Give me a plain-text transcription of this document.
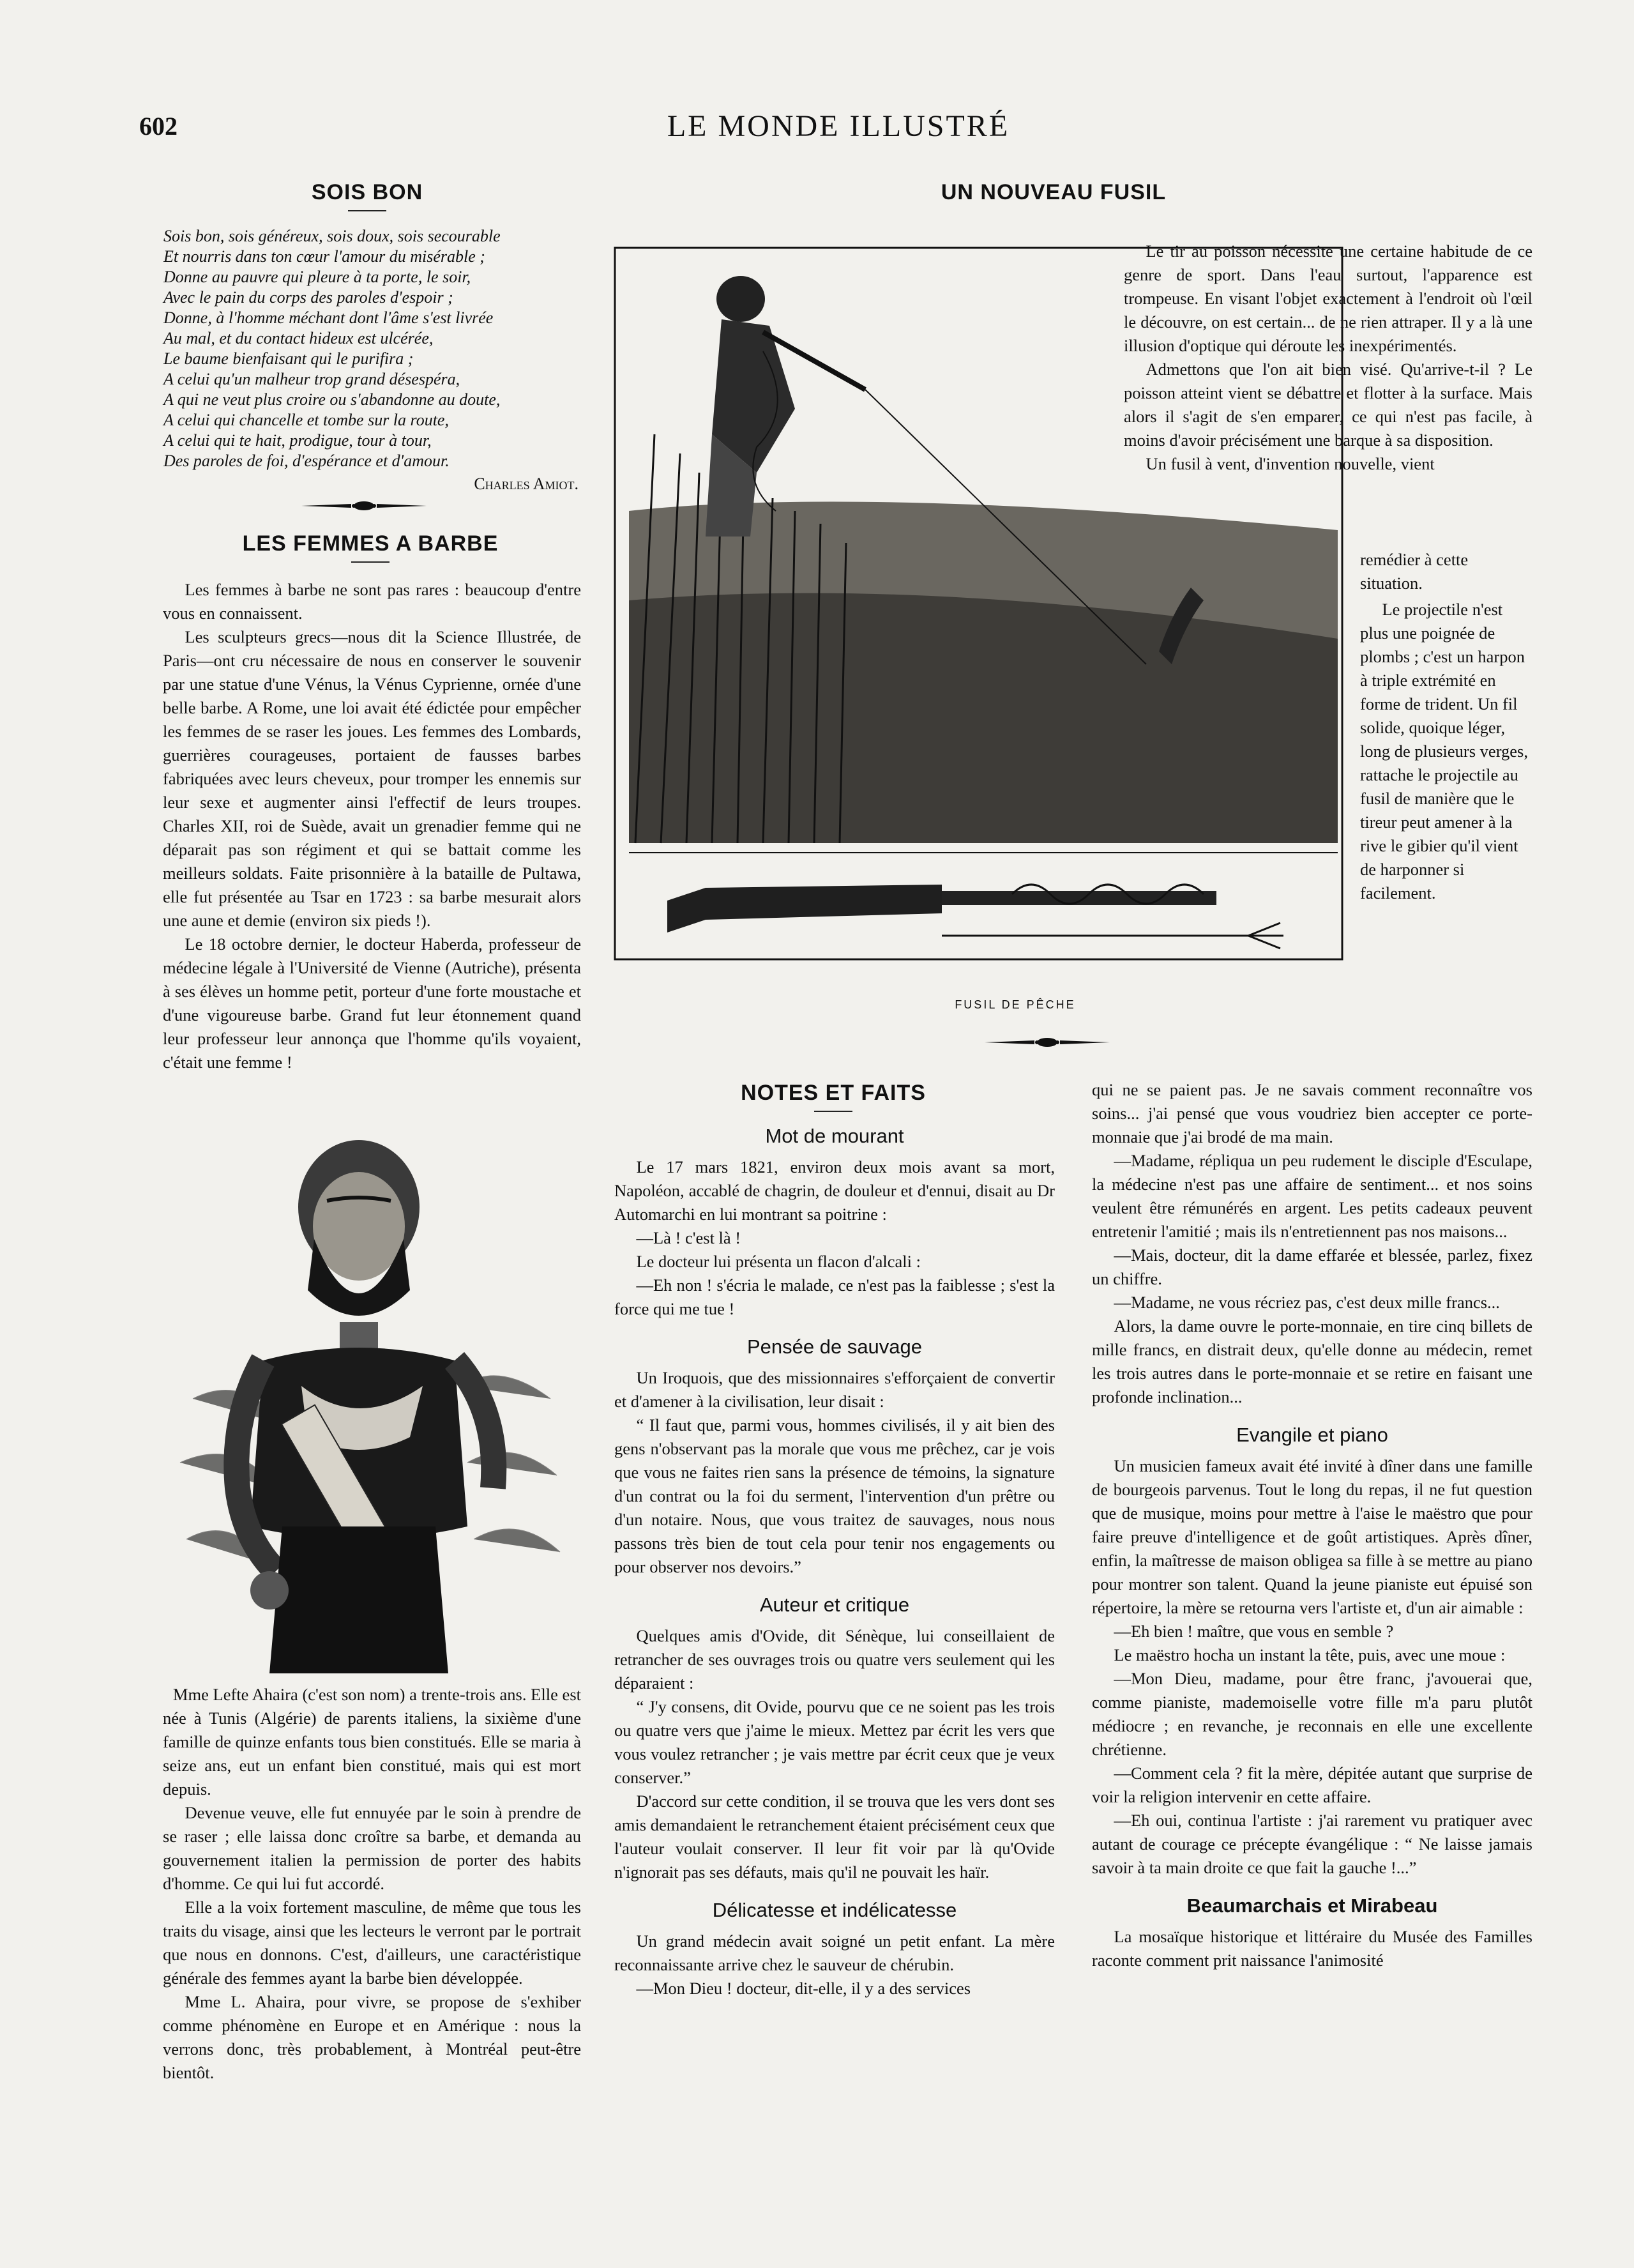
602	LE MONDE ILLUSTRÉ
SOIS BON
Sois bon, sois généreux, sois doux, sois secourable
Et nourris dans ton cœur l'amour du misérable ;
Donne au pauvre qui pleure à ta porte, le soir,
Avec le pain du corps des paroles d'espoir ;
Donne, à l'homme méchant dont l'âme s'est livrée
Au mal, et du contact hideux est ulcérée,
Le baume bienfaisant qui le purifira ;
A celui qu'un malheur trop grand désespéra,
A qui ne veut plus croire ou s'abandonne au doute,
A celui qui chancelle et tombe sur la route,
A celui qui te hait, prodigue, tour à tour,
Des paroles de foi, d'espérance et d'amour.
Charles Amiot.
LES FEMMES A BARBE

Les femmes à barbe ne sont pas rares : beaucoup d'entre vous en connaissent.

Les sculpteurs grecs—nous dit la Science Illustrée, de Paris—ont cru nécessaire de nous en conserver le souvenir par une statue d'une Vénus, la Vénus Cyprienne, ornée d'une belle barbe. A Rome, une loi avait été édictée pour empêcher les femmes de se raser les joues. Les femmes des Lombards, guerrières courageuses, portaient de fausses barbes fabriquées avec leurs cheveux, pour tromper les ennemis sur leur sexe et augmenter ainsi l'effectif de leurs troupes. Charles XII, roi de Suède, avait un grenadier femme qui ne déparait pas son régiment et qui se battait comme les meilleurs soldats. Faite prisonnière à la bataille de Pultawa, elle fut présentée au Tsar en 1723 : sa barbe mesurait alors une aune et demie (environ six pieds !).

Le 18 octobre dernier, le docteur Haberda, professeur de médecine légale à l'Université de Vienne (Autriche), présenta à ses élèves un homme petit, porteur d'une forte moustache et d'une vigoureuse barbe. Grand fut leur étonnement quand leur professeur leur annonça que l'homme qu'ils voyaient, c'était une femme !

Mme Lefte Ahaira (c'est son nom) a trente-trois ans. Elle est née à Tunis (Algérie) de parents italiens, la sixième d'une famille de quinze enfants tous bien constitués. Elle se maria à seize ans, eut un enfant bien constitué, mais qui est mort depuis.

Devenue veuve, elle fut ennuyée par le soin à prendre de se raser ; elle laissa donc croître sa barbe, et demanda au gouvernement italien la permission de porter des habits d'homme. Ce qui lui fut accordé.

Elle a la voix fortement masculine, de même que tous les traits du visage, ainsi que les lecteurs le verront par le portrait que nous en donnons. C'est, d'ailleurs, une caractéristique générale des femmes ayant la barbe bien développée.

Mme L. Ahaira, pour vivre, se propose de s'exhiber comme phénomène en Europe et en Amérique : nous la verrons donc, très probablement, à Montréal peut-être bientôt.

UN NOUVEAU FUSIL
FUSIL DE PÊCHE

Le tir au poisson nécessite une certaine habitude de ce genre de sport. Dans l'eau surtout, l'apparence est trompeuse. En visant l'objet exactement à l'endroit où l'œil le découvre, on est certain... de ne rien attraper. Il y a là une illusion d'optique qui déroute les inexpérimentés.

Admettons que l'on ait bien visé. Qu'arrive-t-il ? Le poisson atteint vient se débattre et flotter à la surface. Mais alors il s'agit de s'en emparer, ce qui n'est pas facile, à moins d'avoir précisément une barque à sa disposition.

Un fusil à vent, d'invention nouvelle, vient

remédier à cette situation.

Le projectile n'est plus une poignée de plombs ; c'est un harpon à triple extrémité en forme de trident. Un fil solide, quoique léger, long de plusieurs verges, rattache le projectile au fusil de manière que le tireur peut amener à la rive le gibier qu'il vient de harponner si facilement.

NOTES ET FAITS
Mot de mourant

Le 17 mars 1821, environ deux mois avant sa mort, Napoléon, accablé de chagrin, de douleur et d'ennui, disait au Dr Automarchi en lui montrant sa poitrine :

—Là ! c'est là !

Le docteur lui présenta un flacon d'alcali :

—Eh non ! s'écria le malade, ce n'est pas la faiblesse ; s'est la force qui me tue !

Pensée de sauvage

Un Iroquois, que des missionnaires s'efforçaient de convertir et d'amener à la civilisation, leur disait :

“ Il faut que, parmi vous, hommes civilisés, il y ait bien des gens n'observant pas la morale que vous me prêchez, car je vois que vous ne faites rien sans la présence de témoins, la signature d'un contrat ou la foi du serment, l'intervention d'un prêtre ou d'un notaire. Nous, que vous traitez de sauvages, nous nous passons très bien de tout cela pour tenir nos engagements ou pour observer nos devoirs.”

Auteur et critique

Quelques amis d'Ovide, dit Sénèque, lui conseillaient de retrancher de ses ouvrages trois ou quatre vers seulement qui les déparaient :

“ J'y consens, dit Ovide, pourvu que ce ne soient pas les trois ou quatre vers que j'aime le mieux. Mettez par écrit les vers que vous voulez retrancher ; je vais mettre par écrit ceux que je veux conserver.”

D'accord sur cette condition, il se trouva que les vers dont ses amis demandaient le retranchement étaient précisément ceux que l'auteur voulait conserver. Il leur fit voir par là qu'Ovide n'ignorait pas ses défauts, mais qu'il ne pouvait les haïr.

Délicatesse et indélicatesse

Un grand médecin avait soigné un petit enfant. La mère reconnaissante arrive chez le sauveur de chérubin.

—Mon Dieu ! docteur, dit-elle, il y a des services

qui ne se paient pas. Je ne savais comment reconnaître vos soins... j'ai pensé que vous voudriez bien accepter ce porte-monnaie que j'ai brodé de ma main.

—Madame, répliqua un peu rudement le disciple d'Esculape, la médecine n'est pas une affaire de sentiment... et nos soins veulent être rémunérés en argent. Les petits cadeaux peuvent entretenir l'amitié ; mais ils n'entretiennent pas nos maisons...

—Mais, docteur, dit la dame effarée et blessée, parlez, fixez un chiffre.

—Madame, ne vous récriez pas, c'est deux mille francs...

Alors, la dame ouvre le porte-monnaie, en tire cinq billets de mille francs, en distrait deux, qu'elle donne au médecin, remet les trois autres dans le porte-monnaie et se retire en faisant une profonde inclination...

Evangile et piano

Un musicien fameux avait été invité à dîner dans une famille de bourgeois parvenus. Tout le long du repas, il ne fut question que de musique, moins pour mettre à l'aise le maëstro que pour faire preuve d'intelligence et de goût artistiques. Après dîner, enfin, la maîtresse de maison obligea sa fille à se mettre au piano pour montrer son talent. Quand la jeune pianiste eut épuisé son répertoire, la mère se retourna vers l'artiste et, d'un air aimable :

—Eh bien ! maître, que vous en semble ?

Le maëstro hocha un instant la tête, puis, avec une moue :

—Mon Dieu, madame, pour être franc, j'avouerai que, comme pianiste, mademoiselle votre fille m'a paru plutôt médiocre ; en revanche, je reconnais en elle une excellente chrétienne.

—Comment cela ? fit la mère, dépitée autant que surprise de voir la religion intervenir en cette affaire.

—Eh oui, continua l'artiste : j'ai rarement vu pratiquer avec autant de courage ce précepte évangélique : “ Ne laisse jamais savoir à ta main droite ce que fait la gauche !...”

Beaumarchais et Mirabeau

La mosaïque historique et littéraire du Musée des Familles raconte comment prit naissance l'animosité
